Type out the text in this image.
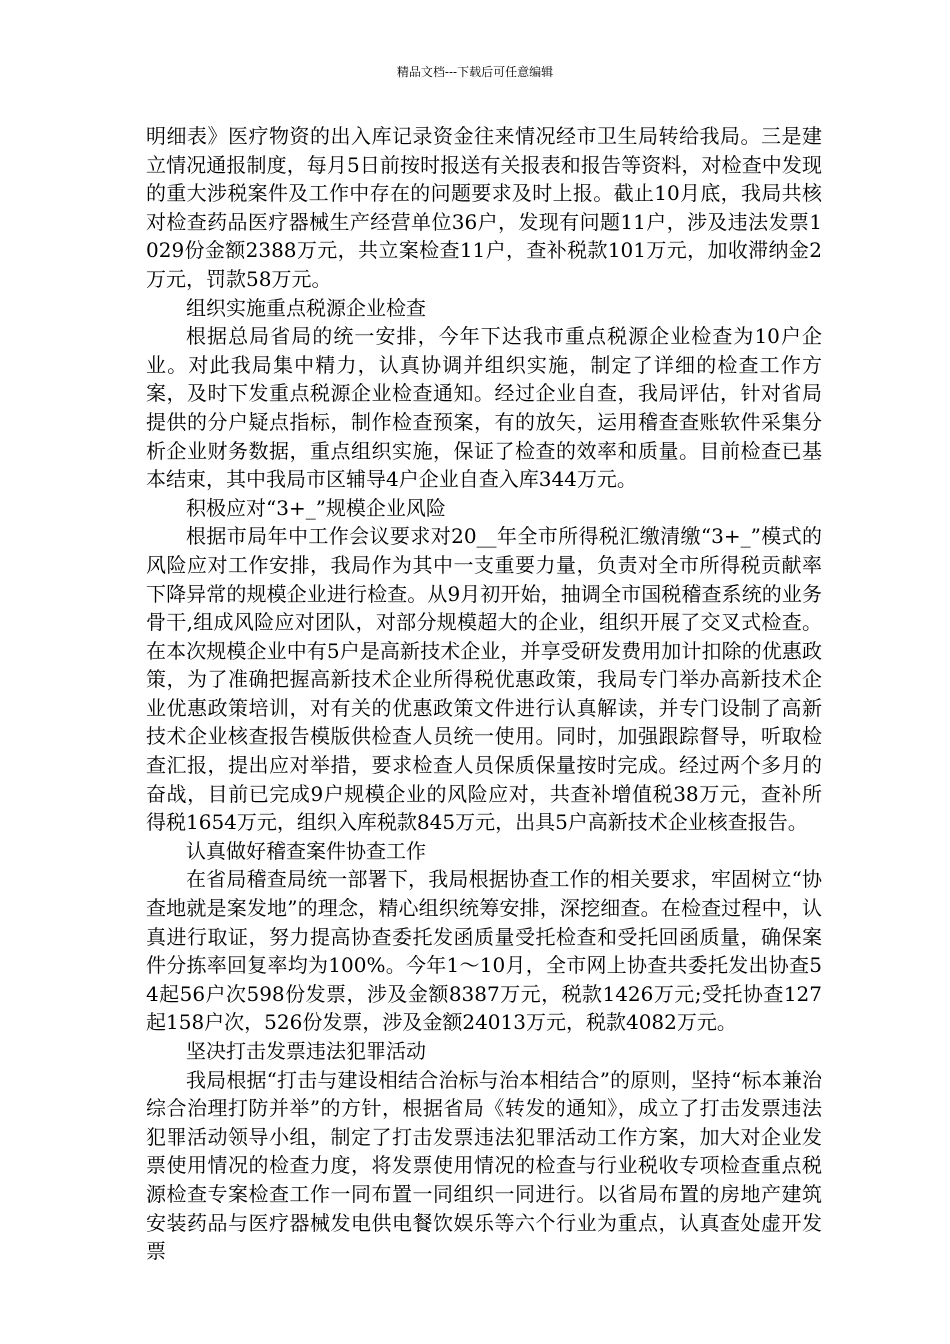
精品文档---下载后可任意编辑

明细表》医疗物资的出入库记录资金往来情况经市卫生局转给我局。三是建立情况通报制度，每月5日前按时报送有关报表和报告等资料，对检查中发现的重大涉税案件及工作中存在的问题要求及时上报。截止10月底，我局共核对检查药品医疗器械生产经营单位36户，发现有问题11户，涉及违法发票1029份金额2388万元，共立案检查11户，查补税款101万元，加收滞纳金2万元，罚款58万元。

组织实施重点税源企业检查

根据总局省局的统一安排，今年下达我市重点税源企业检查为10户企业。对此我局集中精力，认真协调并组织实施，制定了详细的检查工作方案，及时下发重点税源企业检查通知。经过企业自查，我局评估，针对省局提供的分户疑点指标，制作检查预案，有的放矢，运用稽查查账软件采集分析企业财务数据，重点组织实施，保证了检查的效率和质量。目前检查已基本结束，其中我局市区辅导4户企业自查入库344万元。

积极应对“3+_”规模企业风险

根据市局年中工作会议要求对20__年全市所得税汇缴清缴“3+_”模式的风险应对工作安排，我局作为其中一支重要力量，负责对全市所得税贡献率下降异常的规模企业进行检查。从9月初开始，抽调全市国税稽查系统的业务骨干,组成风险应对团队，对部分规模超大的企业，组织开展了交叉式检查。在本次规模企业中有5户是高新技术企业，并享受研发费用加计扣除的优惠政策，为了准确把握高新技术企业所得税优惠政策，我局专门举办高新技术企业优惠政策培训，对有关的优惠政策文件进行认真解读，并专门设制了高新技术企业核查报告模版供检查人员统一使用。同时，加强跟踪督导，听取检查汇报，提出应对举措，要求检查人员保质保量按时完成。经过两个多月的奋战，目前已完成9户规模企业的风险应对，共查补增值税38万元，查补所得税1654万元，组织入库税款845万元，出具5户高新技术企业核查报告。

认真做好稽查案件协查工作

在省局稽查局统一部署下，我局根据协查工作的相关要求，牢固树立“协查地就是案发地”的理念，精心组织统筹安排，深挖细查。在检查过程中，认真进行取证，努力提高协查委托发函质量受托检查和受托回函质量，确保案件分拣率回复率均为100%。今年1～10月，全市网上协查共委托发出协查54起56户次598份发票，涉及金额8387万元，税款1426万元;受托协查127起158户次，526份发票，涉及金额24013万元，税款4082万元。

坚决打击发票违法犯罪活动

我局根据“打击与建设相结合治标与治本相结合”的原则，坚持“标本兼治综合治理打防并举”的方针，根据省局《转发的通知》，成立了打击发票违法犯罪活动领导小组，制定了打击发票违法犯罪活动工作方案，加大对企业发票使用情况的检查力度，将发票使用情况的检查与行业税收专项检查重点税源检查专案检查工作一同布置一同组织一同进行。以省局布置的房地产建筑安装药品与医疗器械发电供电餐饮娱乐等六个行业为重点，认真查处虚开发票
